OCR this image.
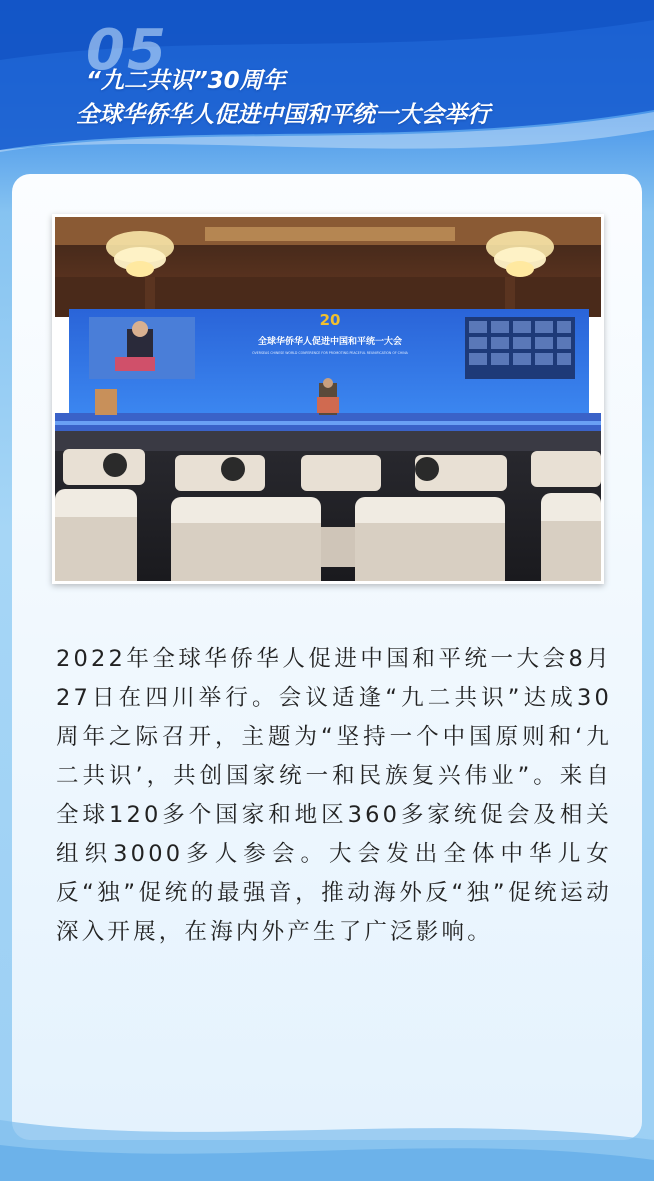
05
“九二共识”30周年
全球华侨华人促进中国和平统一大会举行
20
全球华侨华人促进中国和平统一大会
OVERSEAS CHINESE WORLD CONFERENCE FOR PROMOTING PEACEFUL REUNIFICATION OF CHINA

2022年全球华侨华人促进中国和平统一大会8月27日在四川举行。会议适逢“九二共识”达成30周年之际召开，主题为“坚持一个中国原则和‘九二共识’，共创国家统一和民族复兴伟业”。来自全球120多个国家和地区360多家统促会及相关组织3000多人参会。大会发出全体中华儿女反“独”促统的最强音，推动海外反“独”促统运动深入开展，在海内外产生了广泛影响。
